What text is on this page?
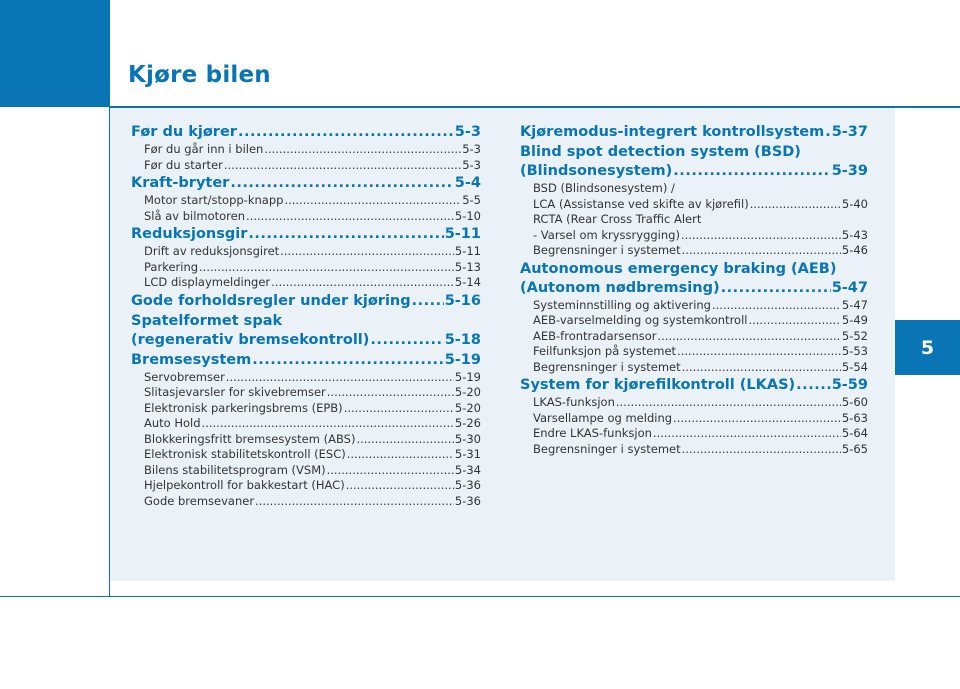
Kjøre bilen
5
Før du kjører .....	5-3
Før du går inn i bilen .....	5-3
Før du starter .....	5-3
Kraft-bryter .....	5-4
Motor start/stopp-knapp .....	5-5
Slå av bilmotoren .....	5-10
Reduksjonsgir .....	5-11
Drift av reduksjonsgiret .....	5-11
Parkering .....	5-13
LCD displaymeldinger .....	5-14
Gode forholdsregler under kjøring ..... 5-16
Spatelformet spak
(regenerativ bremsekontroll) .....	5-18
Bremsesystem .....	5-19
Servobremser .....	5-19
Slitasjevarsler for skivebremser .....	5-20
Elektronisk parkeringsbrems (EPB) .....	5-20
Auto Hold .....	5-26
Blokkeringsfritt bremsesystem (ABS) .....	5-30
Elektronisk stabilitetskontroll (ESC) .....	5-31
Bilens stabilitetsprogram (VSM) .....	5-34
Hjelpekontroll for bakkestart (HAC) .....	5-36
Gode bremsevaner .....	5-36
Kjøremodus-integrert kontrollsystem ..... 5-37
Blind spot detection system (BSD)
(Blindsonesystem) .....	5-39
BSD (Blindsonesystem) /
LCA (Assistanse ved skifte av kjørefil) .....	5-40
RCTA (Rear Cross Traffic Alert
- Varsel om kryssrygging) .....	5-43
Begrensninger i systemet .....	5-46
Autonomous emergency braking (AEB)
(Autonom nødbremsing) .....	5-47
Systeminnstilling og aktivering .....	5-47
AEB-varselmelding og systemkontroll .....	5-49
AEB-frontradarsensor .....	5-52
Feilfunksjon på systemet .....	5-53
Begrensninger i systemet .....	5-54
System for kjørefilkontroll (LKAS) .....	5-59
LKAS-funksjon .....	5-60
Varsellampe og melding .....	5-63
Endre LKAS-funksjon .....	5-64
Begrensninger i systemet .....	5-65
